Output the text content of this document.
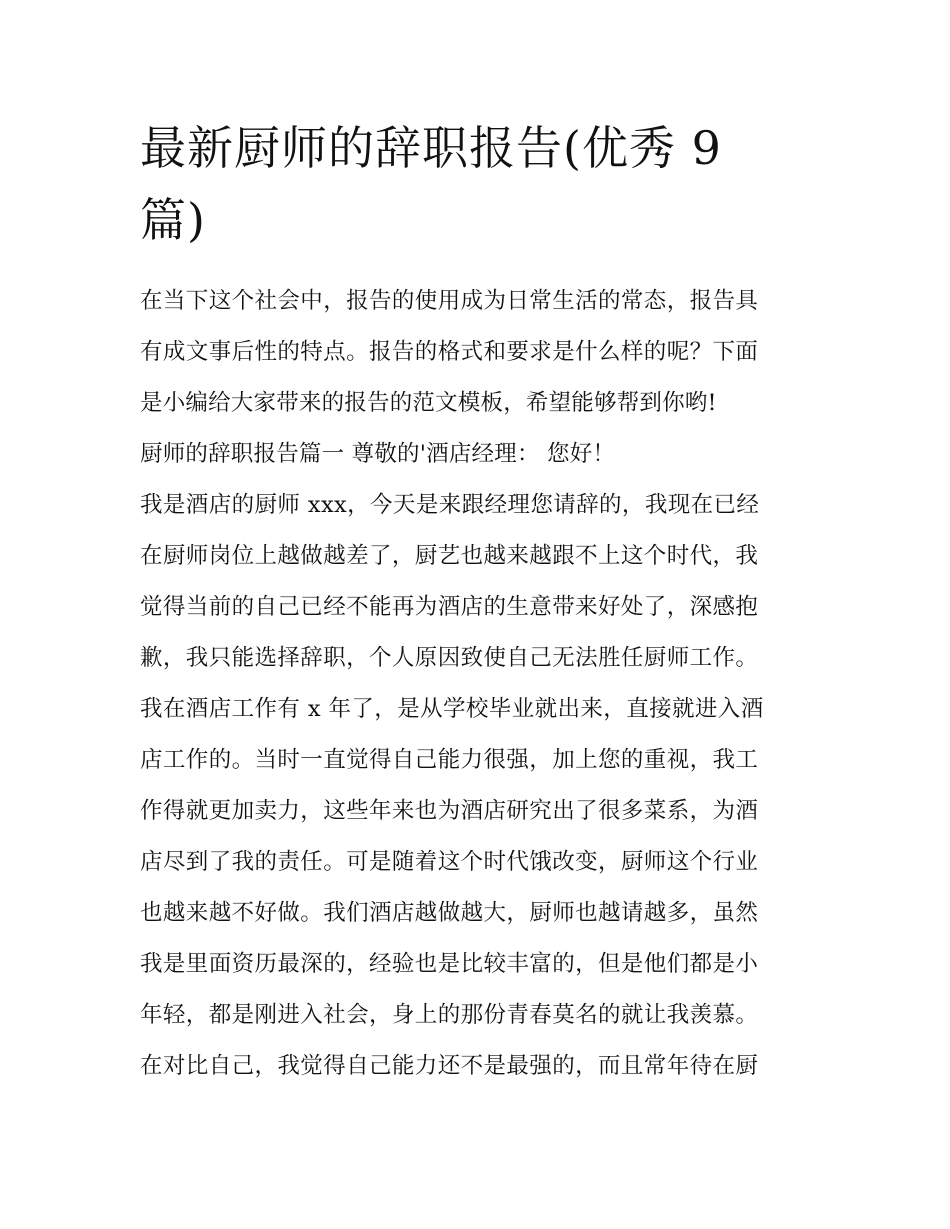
最新厨师的辞职报告(优秀 9
篇)
在当下这个社会中，报告的使用成为日常生活的常态，报告具
有成文事后性的特点。报告的格式和要求是什么样的呢？下面
是小编给大家带来的报告的范文模板，希望能够帮到你哟!
厨师的辞职报告篇一 尊敬的'酒店经理： 您好！
我是酒店的厨师 xxx，今天是来跟经理您请辞的，我现在已经
在厨师岗位上越做越差了，厨艺也越来越跟不上这个时代，我
觉得当前的自己已经不能再为酒店的生意带来好处了，深感抱
歉，我只能选择辞职，个人原因致使自己无法胜任厨师工作。
我在酒店工作有 x 年了，是从学校毕业就出来，直接就进入酒
店工作的。当时一直觉得自己能力很强，加上您的重视，我工
作得就更加卖力，这些年来也为酒店研究出了很多菜系，为酒
店尽到了我的责任。可是随着这个时代饿改变，厨师这个行业
也越来越不好做。我们酒店越做越大，厨师也越请越多，虽然
我是里面资历最深的，经验也是比较丰富的，但是他们都是小
年轻，都是刚进入社会，身上的那份青春莫名的就让我羡慕。
在对比自己，我觉得自己能力还不是最强的，而且常年待在厨
